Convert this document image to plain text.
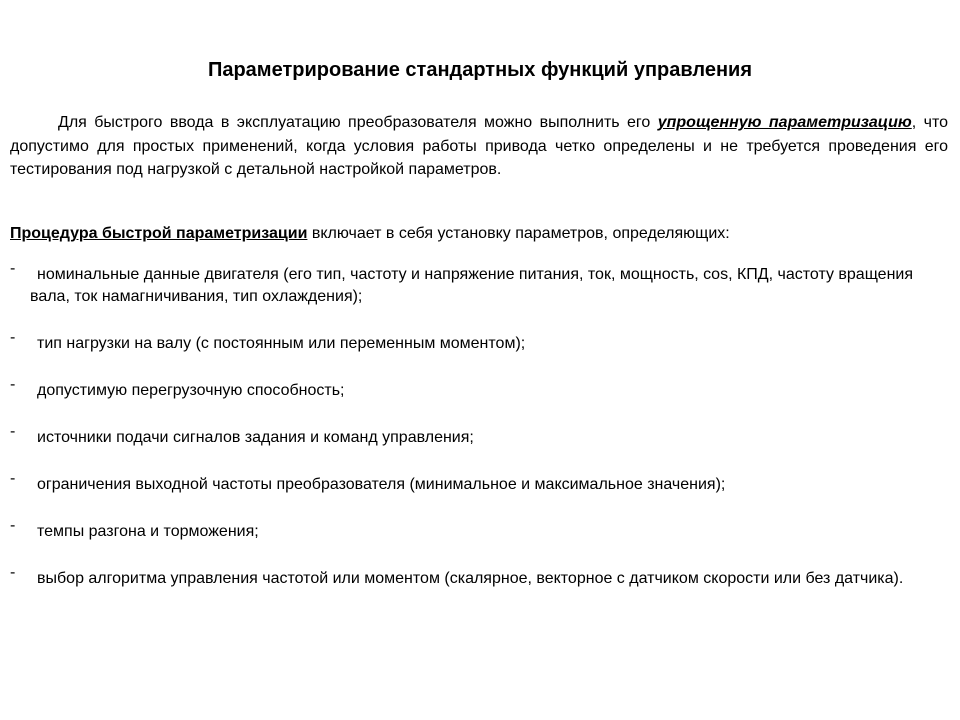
Параметрирование стандартных функций управления

Для быстрого ввода в эксплуатацию преобразователя можно выполнить его упрощенную параметризацию, что допустимо для простых применений, когда условия работы привода четко определены и не требуется проведения его тестирования под нагрузкой с детальной настройкой параметров.

Процедура быстрой параметризации включает в себя установку параметров, определяющих:

- номинальные данные двигателя (его тип, частоту и напряжение питания, ток, мощность, cos, КПД, частоту вращения вала, ток намагничивания, тип охлаждения);
- тип нагрузки на валу (с постоянным или переменным моментом);
- допустимую перегрузочную способность;
- источники подачи сигналов задания и команд управления;
- ограничения выходной частоты преобразователя (минимальное и максимальное значения);
- темпы разгона и торможения;
- выбор алгоритма управления частотой или моментом (скалярное, векторное с датчиком скорости или без датчика).
